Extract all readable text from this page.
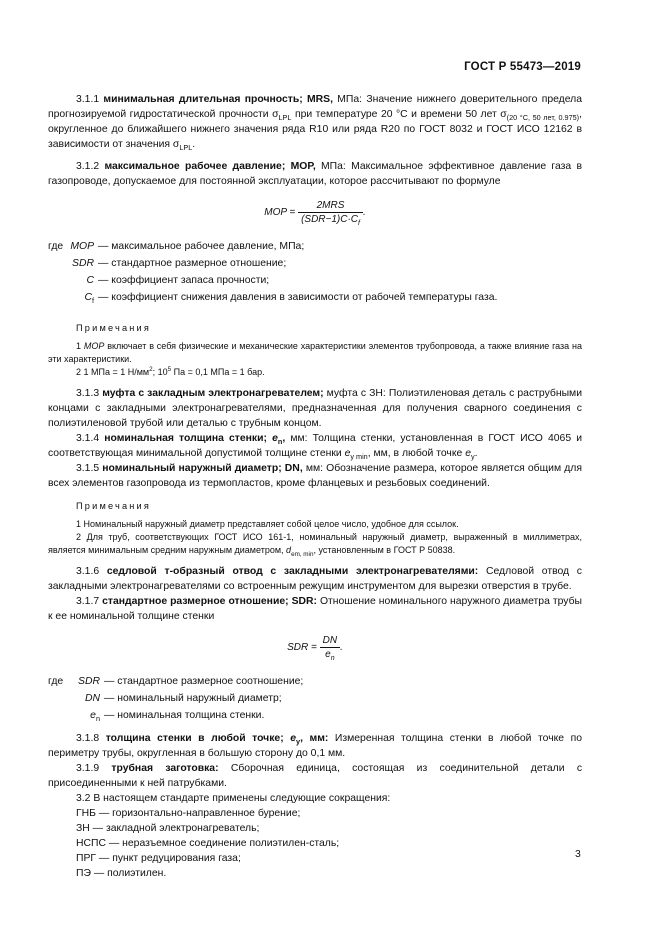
ГОСТ Р 55473—2019

3.1.1 минимальная длительная прочность; MRS, МПа: Значение нижнего доверительного предела прогнозируемой гидростатической прочности $\sigma_{LPL}$ при температуре 20 °С и времени 50 лет $\sigma_{(20 ^\circ С, 50 лет, 0.975)}$, округленное до ближайшего нижнего значения ряда R10 или ряда R20 по ГОСТ 8032 и ГОСТ ИСО 12162 в зависимости от значения $\sigma_{LPL}$.

3.1.2 максимальное рабочее давление; МОР, МПа: Максимальное эффективное давление газа в газопроводе, допускаемое для постоянной эксплуатации, которое рассчитывают по формуле

MOP = $\frac{\text{2MRS}}{(SDR-1)C\cdot C_f}$ .
где MOP — максимальное рабочее давление, МПа;
SDR — стандартное размерное отношение;
C — коэффициент запаса прочности;
$C_f$ — коэффициент снижения давления в зависимости от рабочей температуры газа.
Примечания

1 MOP включает в себя физические и механические характеристики элементов трубопровода, а также влияние газа на эти характеристики.

2 1 МПа = 1 $Н/мм^2$; $10^5$ Па = 0,1 МПа = 1 бар.

3.1.3 муфта с закладным электронагревателем; муфта с ЗН: Полиэтиленовая деталь с раструбными концами с закладными электронагревателями, предназначенная для получения сварного соединения с полиэтиленовой трубой или деталью с трубным концом.

3.1.4 номинальная толщина стенки; $e_n$, мм: Толщина стенки, установленная в ГОСТ ИСО 4065 и соответствующая минимальной допустимой толщине стенки $e_{y min}$, мм, в любой точке $e_y$.

3.1.5 номинальный наружный диаметр; DN, мм: Обозначение размера, которое является общим для всех элементов газопровода из термопластов, кроме фланцевых и резьбовых соединений.

Примечания

1 Номинальный наружный диаметр представляет собой целое число, удобное для ссылок.

2 Для труб, соответствующих ГОСТ ИСО 161-1, номинальный наружный диаметр, выраженный в миллиметрах, является минимальным средним наружным диаметром, $d_{em, min}$, установленным в ГОСТ Р 50838.

3.1.6 седловой т-образный отвод с закладными электронагревателями: Седловой отвод с закладными электронагревателями со встроенным режущим инструментом для вырезки отверстия в трубе.

3.1.7 стандартное размерное отношение; SDR: Отношение номинального наружного диаметра трубы к ее номинальной толщине стенки

SDR = $\frac{DN}{e_n}$ .
где SDR — стандартное размерное соотношение;
DN — номинальный наружный диаметр;
$e_n$ — номинальная толщина стенки.

3.1.8 толщина стенки в любой точке; $e_y$, мм: Измеренная толщина стенки в любой точке по периметру трубы, округленная в большую сторону до 0,1 мм.

3.1.9 трубная заготовка: Сборочная единица, состоящая из соединительной детали с присоединенными к ней патрубками.

3.2 В настоящем стандарте применены следующие сокращения:

ГНБ — горизонтально-направленное бурение;
ЗН — закладной электронагреватель;
НСПС — неразъемное соединение полиэтилен-сталь;
ПРГ — пункт редуцирования газа;
ПЭ — полиэтилен.
3
